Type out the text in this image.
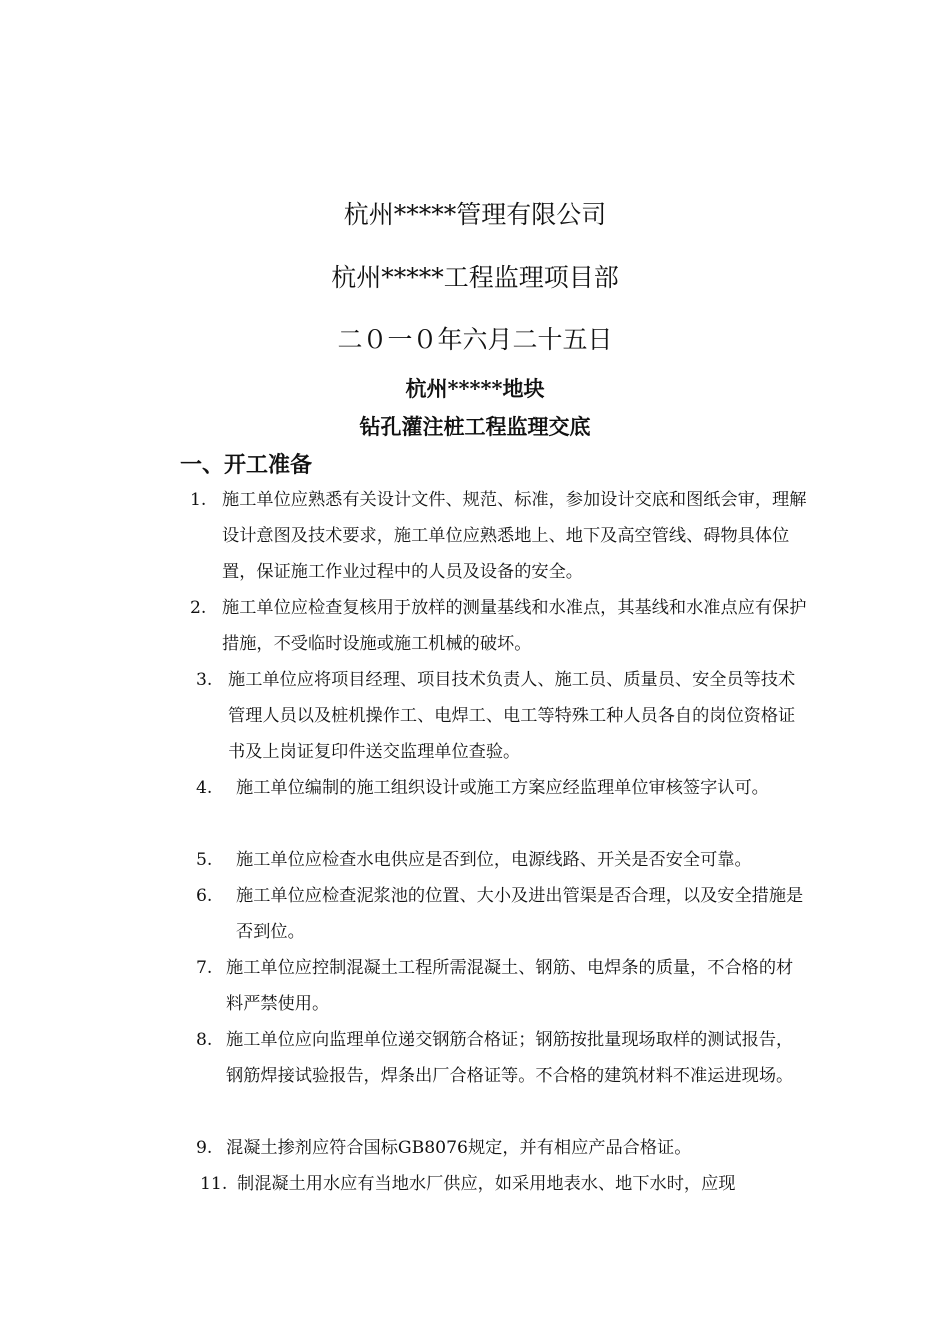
杭州*****管理有限公司
杭州*****工程监理项目部
二０一０年六月二十五日
杭州*****地块
钻孔灌注桩工程监理交底
一、开工准备
1. 施工单位应熟悉有关设计文件、规范、标准，参加设计交底和图纸会审，理解设计意图及技术要求，施工单位应熟悉地上、地下及高空管线、碍物具体位置，保证施工作业过程中的人员及设备的安全。
2. 施工单位应检查复核用于放样的测量基线和水准点，其基线和水准点应有保护措施，不受临时设施或施工机械的破坏。
3. 施工单位应将项目经理、项目技术负责人、施工员、质量员、安全员等技术管理人员以及桩机操作工、电焊工、电工等特殊工种人员各自的岗位资格证书及上岗证复印件送交监理单位查验。
4.	施工单位编制的施工组织设计或施工方案应经监理单位审核签字认可。
5.	施工单位应检查水电供应是否到位，电源线路、开关是否安全可靠。
6.	施工单位应检查泥浆池的位置、大小及进出管渠是否合理，以及安全措施是否到位。
7. 施工单位应控制混凝土工程所需混凝土、钢筋、电焊条的质量，不合格的材料严禁使用。
8. 施工单位应向监理单位递交钢筋合格证；钢筋按批量现场取样的测试报告，钢筋焊接试验报告，焊条出厂合格证等。不合格的建筑材料不准运进现场。
9. 混凝土掺剂应符合国标GB8076规定，并有相应产品合格证。
11. 制混凝土用水应有当地水厂供应，如采用地表水、地下水时，应现
